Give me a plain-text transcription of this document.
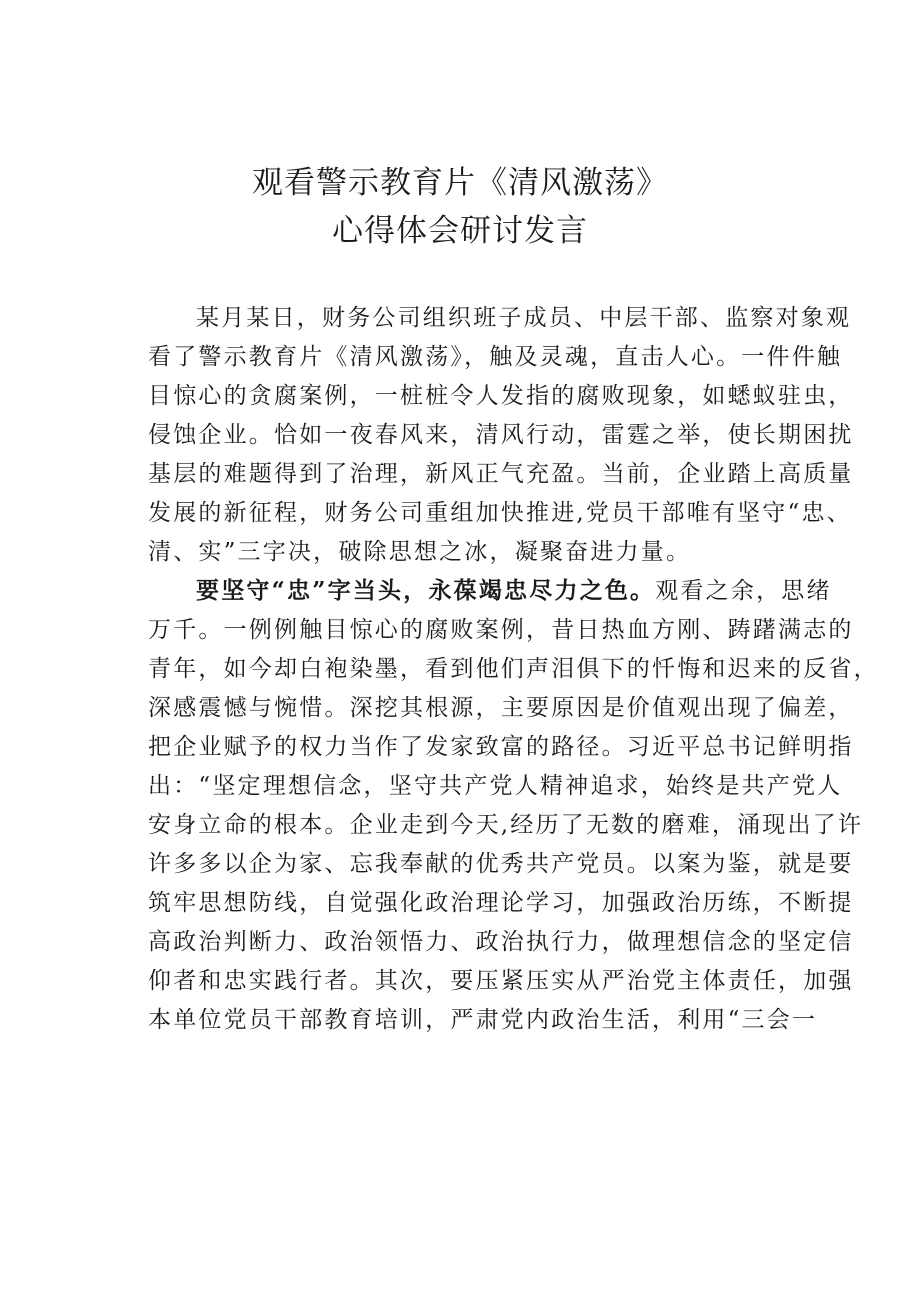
观看警示教育片《清风激荡》
心得体会研讨发言
某月某日，财务公司组织班子成员、中层干部、监察对象观
看了警示教育片《清风激荡》，触及灵魂，直击人心。一件件触
目惊心的贪腐案例，一桩桩令人发指的腐败现象，如蟋蚁驻虫，
侵蚀企业。恰如一夜春风来，清风行动，雷霆之举，使长期困扰
基层的难题得到了治理，新风正气充盈。当前，企业踏上高质量
发展的新征程，财务公司重组加快推进,党员干部唯有坚守“忠、
清、实”三字决，破除思想之冰，凝聚奋进力量。
要坚守“忠”字当头，永葆竭忠尽力之色。观看之余，思绪
万千。一例例触目惊心的腐败案例，昔日热血方刚、踌躇满志的
青年，如今却白袍染墨，看到他们声泪俱下的忏悔和迟来的反省，
深感震憾与惋惜。深挖其根源，主要原因是价值观出现了偏差，
把企业赋予的权力当作了发家致富的路径。习近平总书记鲜明指
出：“坚定理想信念，坚守共产党人精神追求，始终是共产党人
安身立命的根本。企业走到今天,经历了无数的磨难，涌现出了许
许多多以企为家、忘我奉献的优秀共产党员。以案为鉴，就是要
筑牢思想防线，自觉强化政治理论学习，加强政治历练，不断提
高政治判断力、政治领悟力、政治执行力，做理想信念的坚定信
仰者和忠实践行者。其次，要压紧压实从严治党主体责任，加强
本单位党员干部教育培训，严肃党内政治生活，利用“三会一
